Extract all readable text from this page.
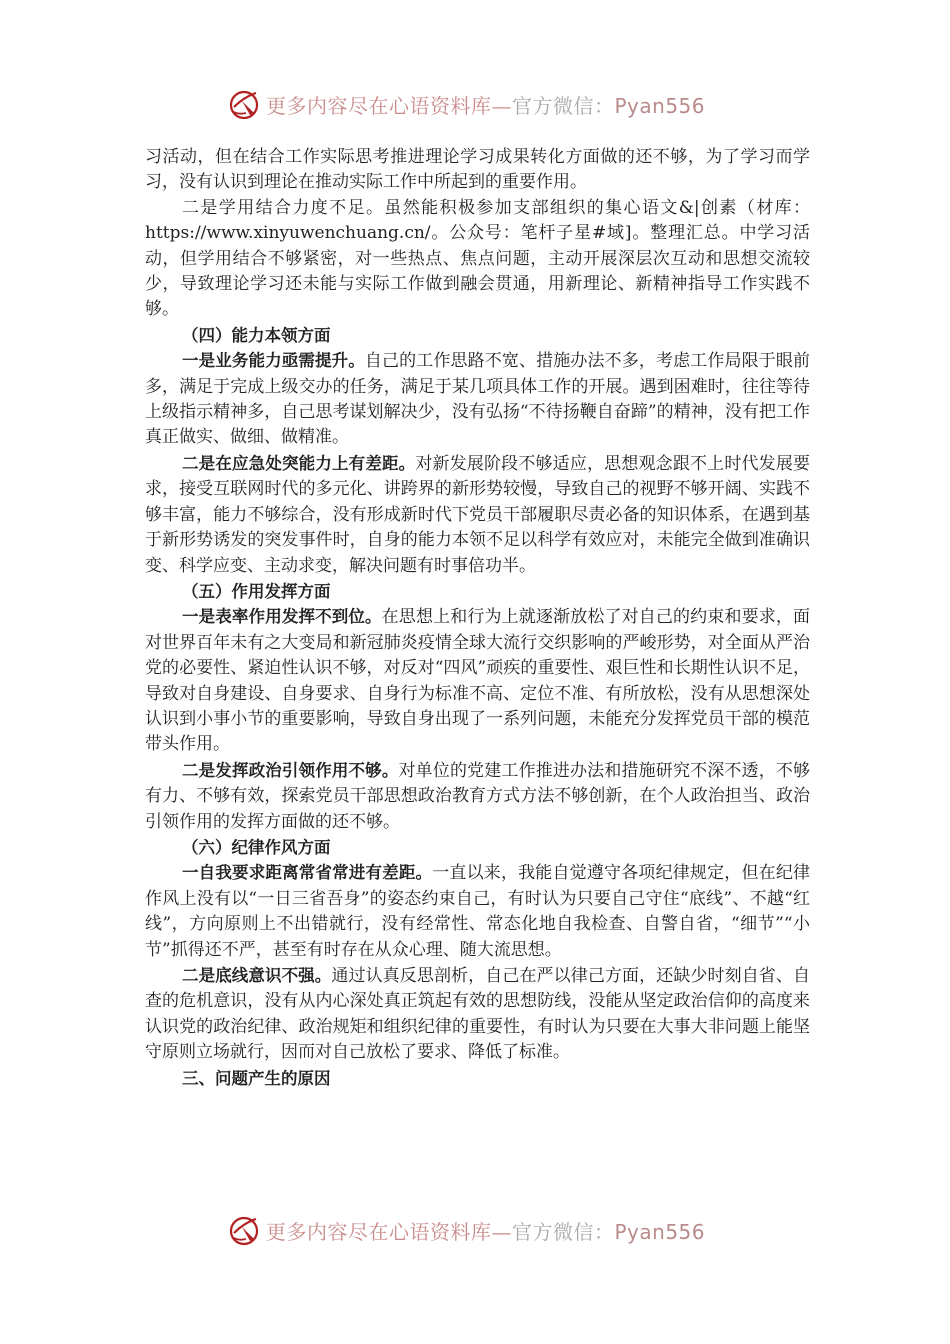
更多内容尽在心语资料库—官方微信：Pyan556

习活动，但在结合工作实际思考推进理论学习成果转化方面做的还不够，为了学习而学习，没有认识到理论在推动实际工作中所起到的重要作用。

二是学用结合力度不足。虽然能积极参加支部组织的集心语文&|创素（材库：https://www.xinyuwenchuang.cn/。公众号：笔杆子星#域]。整理汇总。中学习活动，但学用结合不够紧密，对一些热点、焦点问题，主动开展深层次互动和思想交流较少，导致理论学习还未能与实际工作做到融会贯通，用新理论、新精神指导工作实践不够。

（四）能力本领方面

一是业务能力亟需提升。自己的工作思路不宽、措施办法不多，考虑工作局限于眼前多，满足于完成上级交办的任务，满足于某几项具体工作的开展。遇到困难时，往往等待上级指示精神多，自己思考谋划解决少，没有弘扬“不待扬鞭自奋蹄”的精神，没有把工作真正做实、做细、做精准。

二是在应急处突能力上有差距。对新发展阶段不够适应，思想观念跟不上时代发展要求，接受互联网时代的多元化、讲跨界的新形势较慢，导致自己的视野不够开阔、实践不够丰富，能力不够综合，没有形成新时代下党员干部履职尽责必备的知识体系，在遇到基于新形势诱发的突发事件时，自身的能力本领不足以科学有效应对，未能完全做到准确识变、科学应变、主动求变，解决问题有时事倍功半。

（五）作用发挥方面

一是表率作用发挥不到位。在思想上和行为上就逐渐放松了对自己的约束和要求，面对世界百年未有之大变局和新冠肺炎疫情全球大流行交织影响的严峻形势，对全面从严治党的必要性、紧迫性认识不够，对反对“四风”顽疾的重要性、艰巨性和长期性认识不足，导致对自身建设、自身要求、自身行为标准不高、定位不准、有所放松，没有从思想深处认识到小事小节的重要影响，导致自身出现了一系列问题，未能充分发挥党员干部的模范带头作用。

二是发挥政治引领作用不够。对单位的党建工作推进办法和措施研究不深不透，不够有力、不够有效，探索党员干部思想政治教育方式方法不够创新，在个人政治担当、政治引领作用的发挥方面做的还不够。

（六）纪律作风方面

一自我要求距离常省常进有差距。一直以来，我能自觉遵守各项纪律规定，但在纪律作风上没有以“一日三省吾身”的姿态约束自己，有时认为只要自己守住“底线”、不越“红线”，方向原则上不出错就行，没有经常性、常态化地自我检查、自警自省，“细节”“小节”抓得还不严，甚至有时存在从众心理、随大流思想。

二是底线意识不强。通过认真反思剖析，自己在严以律己方面，还缺少时刻自省、自查的危机意识，没有从内心深处真正筑起有效的思想防线，没能从坚定政治信仰的高度来认识党的政治纪律、政治规矩和组织纪律的重要性，有时认为只要在大事大非问题上能坚守原则立场就行，因而对自己放松了要求、降低了标准。

三、问题产生的原因

更多内容尽在心语资料库—官方微信：Pyan556
